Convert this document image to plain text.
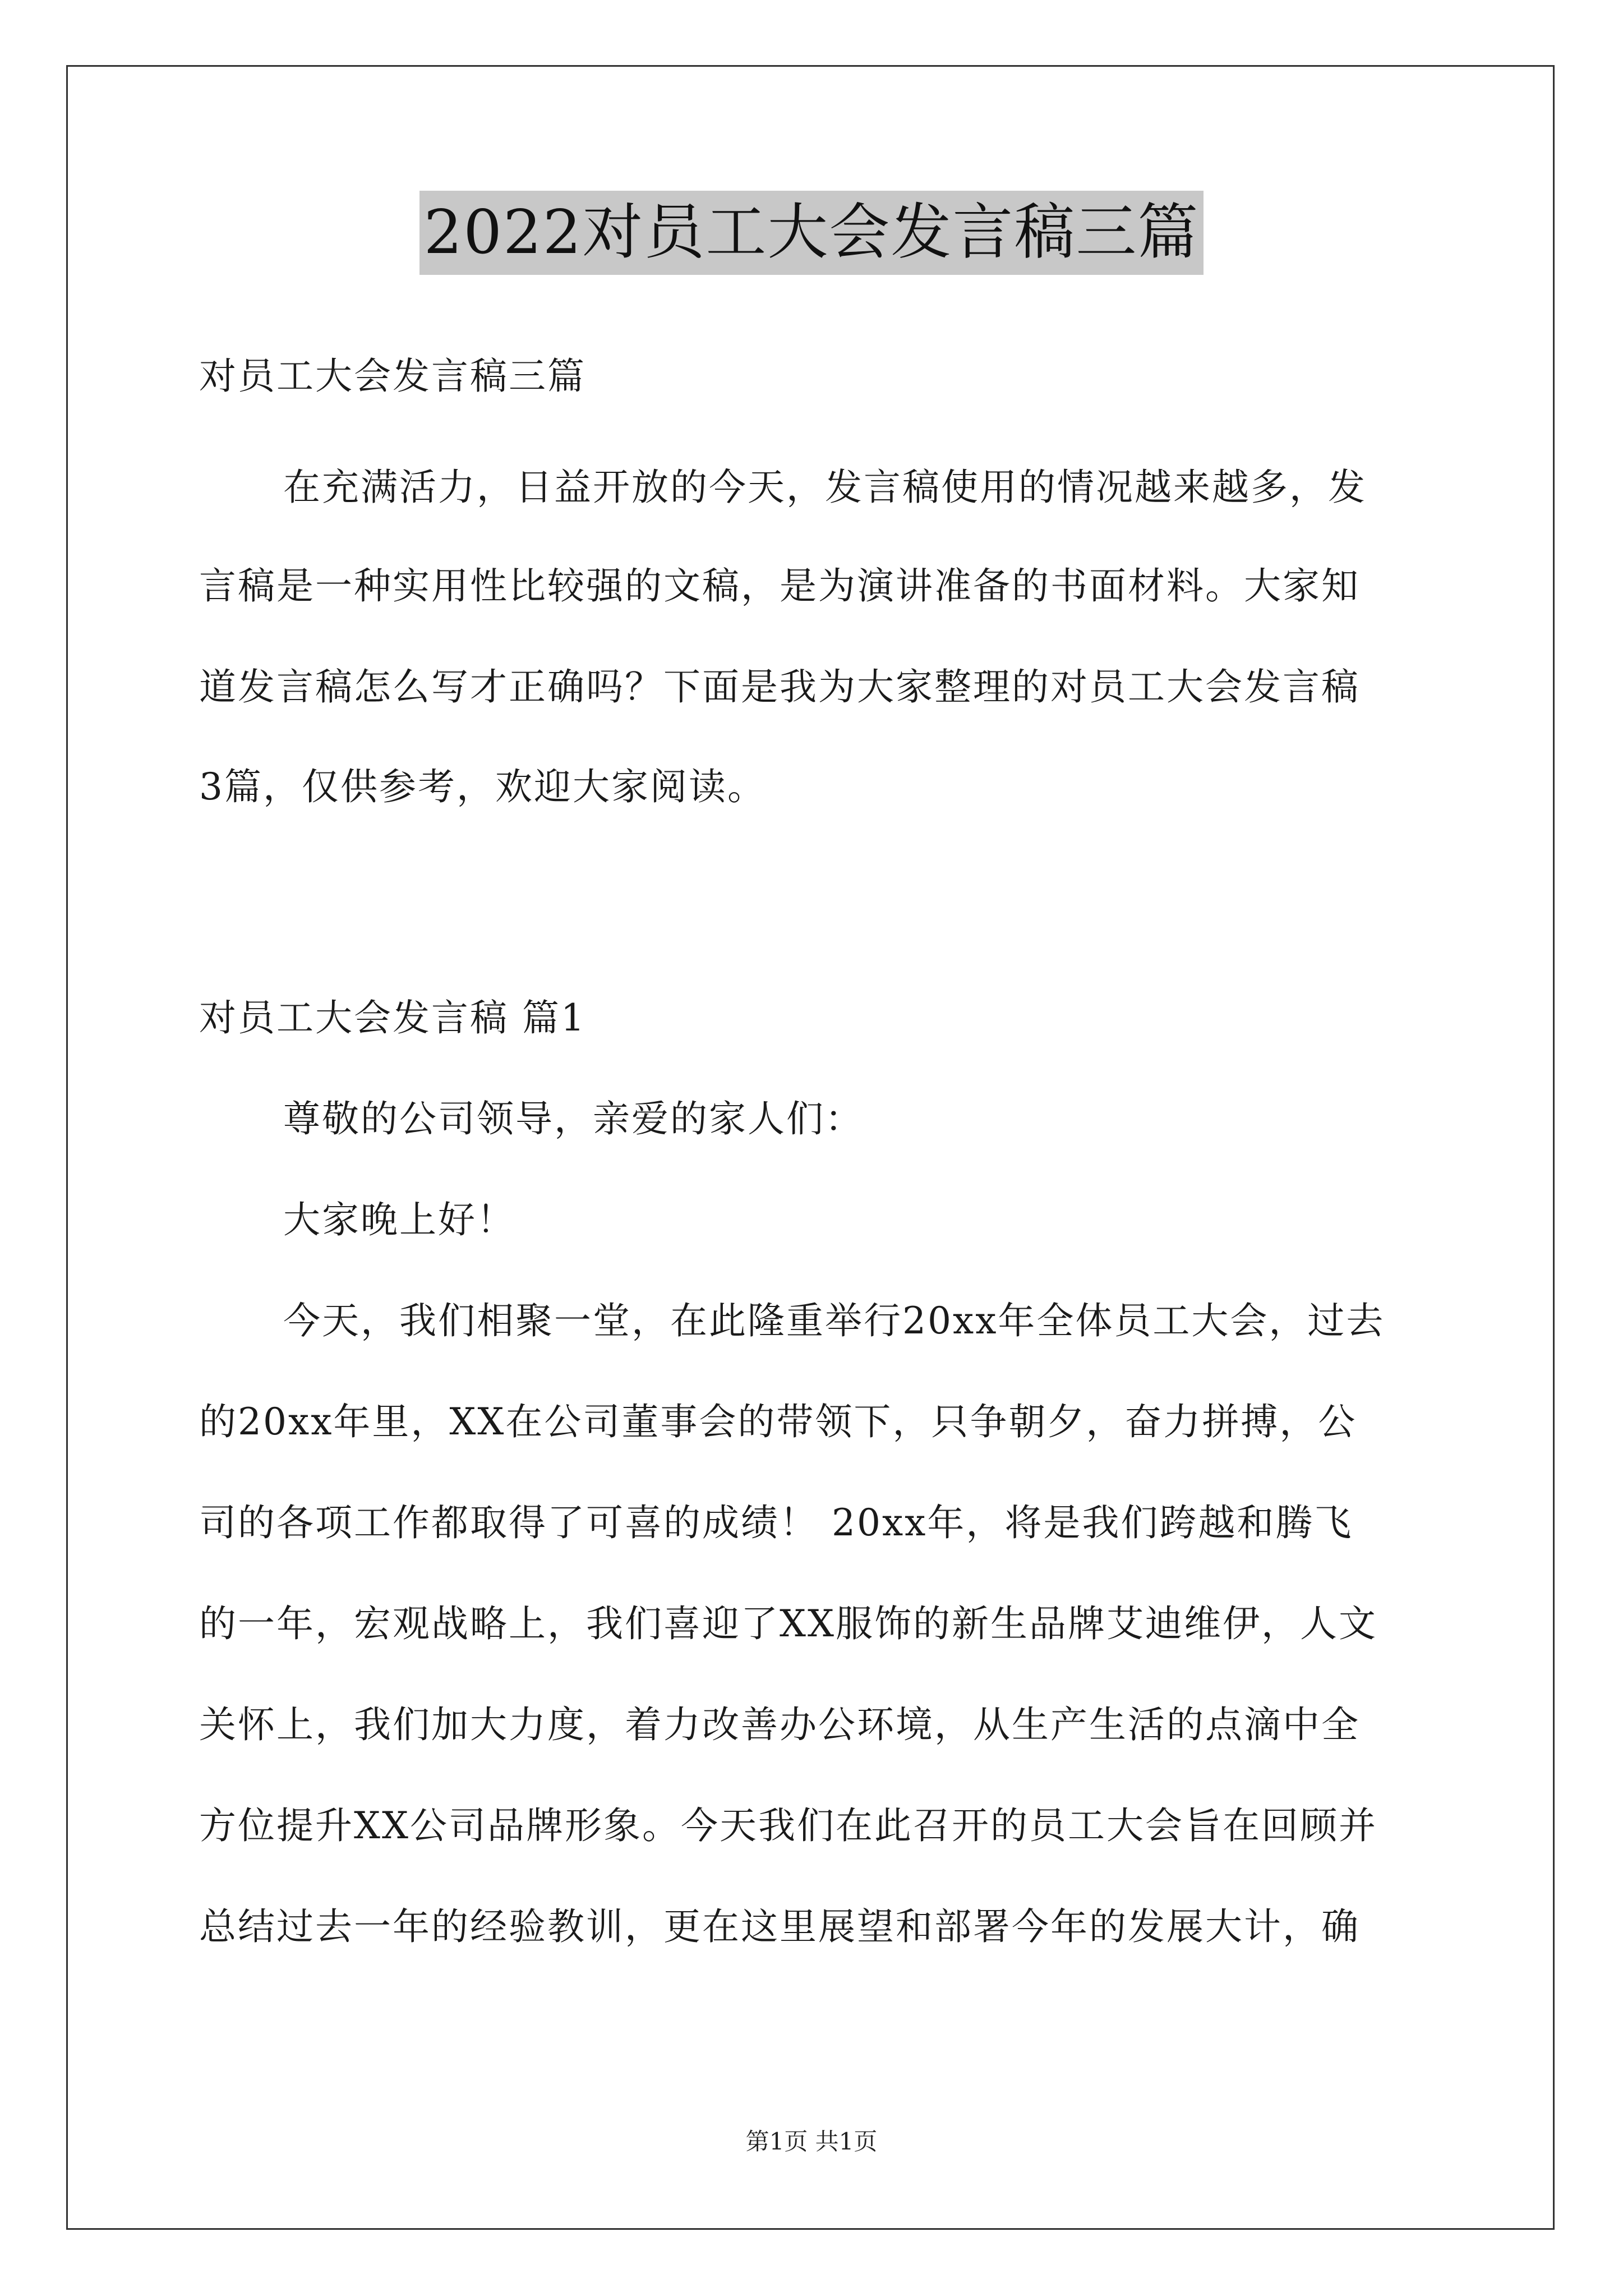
2022对员工大会发言稿三篇
对员工大会发言稿三篇
在充满活力，日益开放的今天，发言稿使用的情况越来越多，发
言稿是一种实用性比较强的文稿，是为演讲准备的书面材料。大家知
道发言稿怎么写才正确吗？下面是我为大家整理的对员工大会发言稿
3篇，仅供参考，欢迎大家阅读。
对员工大会发言稿 篇1
尊敬的公司领导，亲爱的家人们：
大家晚上好！
今天，我们相聚一堂，在此隆重举行20xx年全体员工大会，过去
的20xx年里，XX在公司董事会的带领下，只争朝夕，奋力拼搏，公
司的各项工作都取得了可喜的成绩！ 20xx年，将是我们跨越和腾飞
的一年，宏观战略上，我们喜迎了XX服饰的新生品牌艾迪维伊，人文
关怀上，我们加大力度，着力改善办公环境，从生产生活的点滴中全
方位提升XX公司品牌形象。今天我们在此召开的员工大会旨在回顾并
总结过去一年的经验教训，更在这里展望和部署今年的发展大计，确
第1页 共1页
